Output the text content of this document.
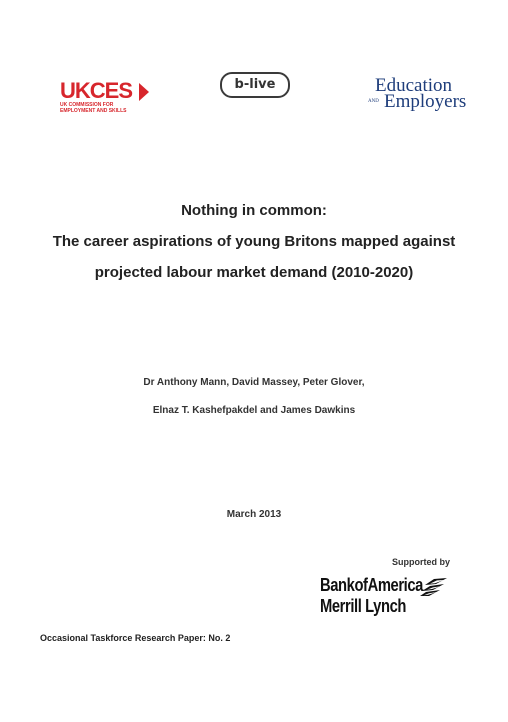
UKCES
UK COMMISSION FOR
EMPLOYMENT AND SKILLS
b-live	Education
AND Employers
Nothing in common:
The career aspirations of young Britons mapped against
projected labour market demand (2010-2020)
Dr Anthony Mann, David Massey, Peter Glover,
Elnaz T. Kashefpakdel and James Dawkins
March 2013
Supported by
BankofAmerica
Merrill Lynch
Occasional Taskforce Research Paper: No. 2
